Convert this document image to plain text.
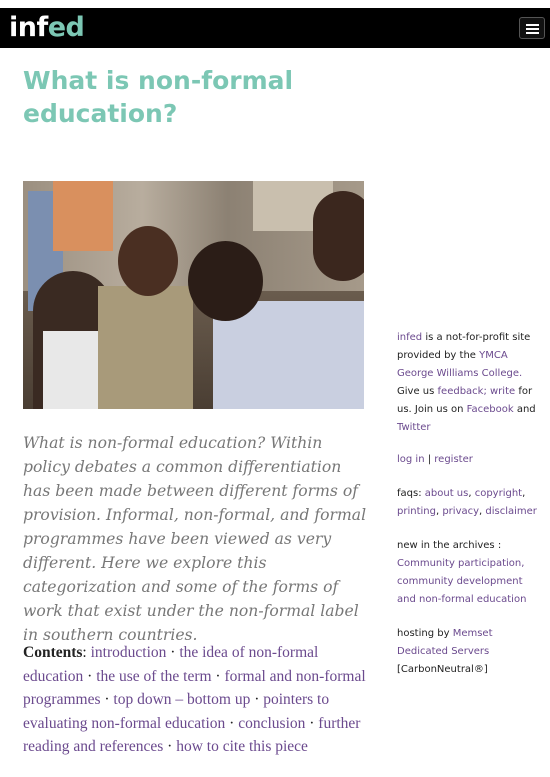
infed
What is non-formal education?

What is non-formal education? Within policy debates a common differentiation has been made between different forms of provision. Informal, non-formal, and formal programmes have been viewed as very different. Here we explore this categorization and some of the forms of work that exist under the non-formal label in southern countries.

Contents: introduction · the idea of non-formal education · the use of the term · formal and non-formal programmes · top down – bottom up · pointers to evaluating non-formal education · conclusion · further reading and references · how to cite this piece

infed is a not-for-profit site provided by the YMCA George Williams College. Give us feedback; write for us. Join us on Facebook and Twitter

log in | register

faqs: about us, copyright, printing, privacy, disclaimer

new in the archives :
Community participation, community development and non-formal education

hosting by Memset Dedicated Servers
[CarbonNeutral®]
